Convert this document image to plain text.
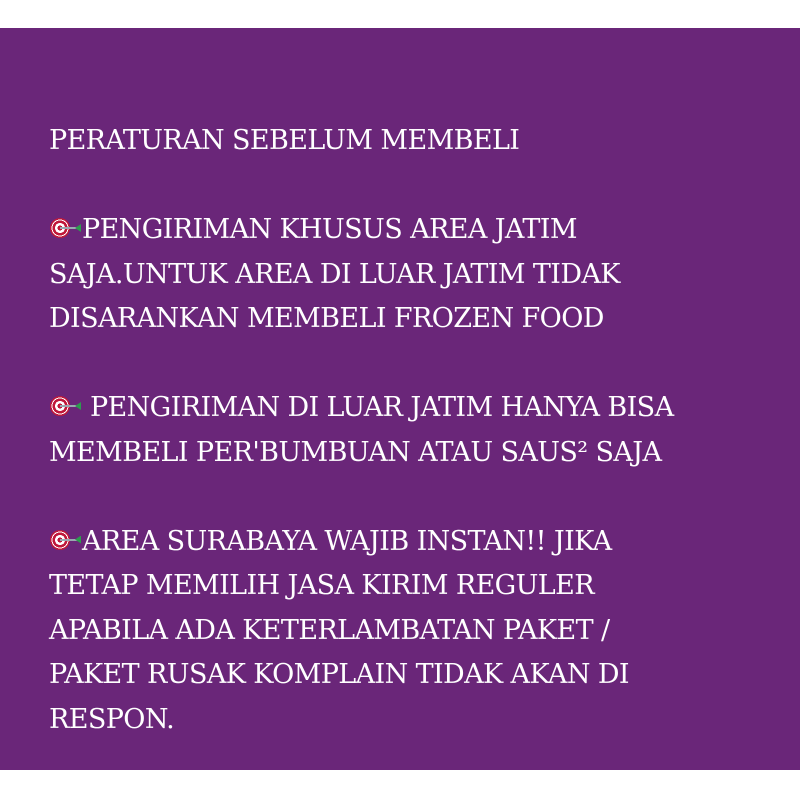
PERATURAN SEBELUM MEMBELI
PENGIRIMAN KHUSUS AREA JATIM
SAJA.UNTUK AREA DI LUAR JATIM TIDAK
DISARANKAN MEMBELI FROZEN FOOD
PENGIRIMAN DI LUAR JATIM HANYA BISA
MEMBELI PER'BUMBUAN ATAU SAUS² SAJA
AREA SURABAYA WAJIB INSTAN!! JIKA
TETAP MEMILIH JASA KIRIM REGULER
APABILA ADA KETERLAMBATAN PAKET /
PAKET RUSAK KOMPLAIN TIDAK AKAN DI
RESPON.
